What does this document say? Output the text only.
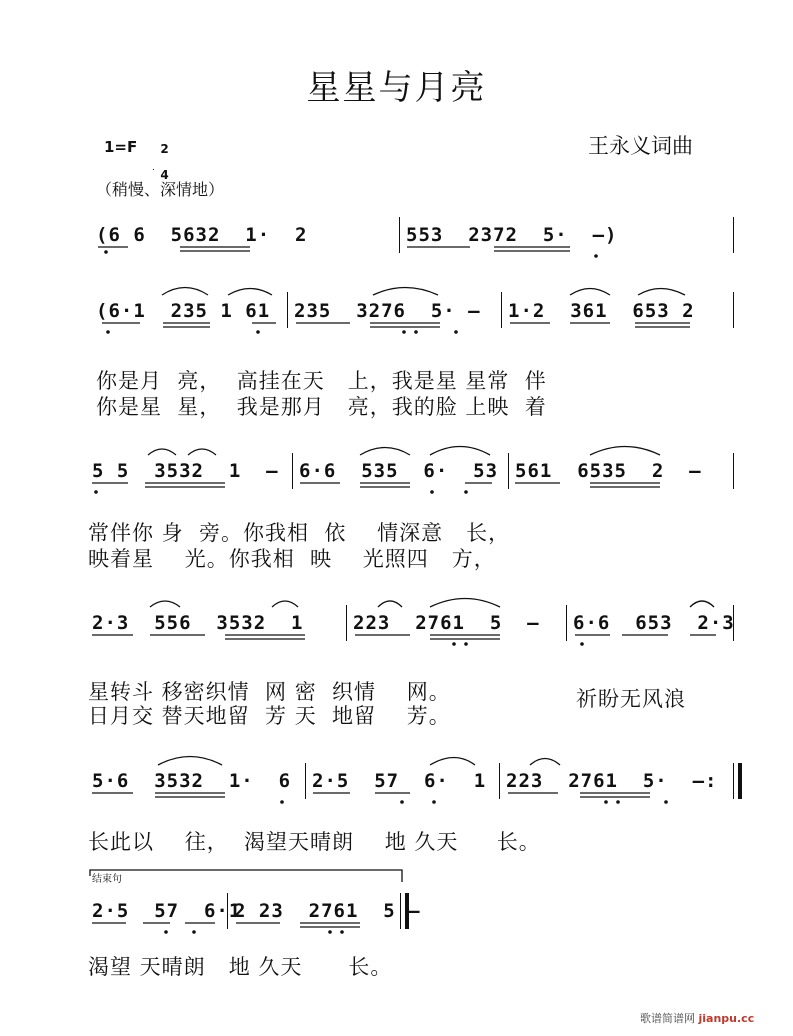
星星与月亮
1=F	2

4

王永义词曲
（稍慢、深情地）
(6 6  5632  1·  2	553  2372  5·  –)
(6·1  235 1 61 235  3276  5· – 1·2  361  653 2
你是月  亮，  高挂在天   上，我是星 星常  伴
你是星  星，  我是那月   亮，我的脸 上映  着
5 5  3532  1  – 6·6  535  6·  53 561  6535  2  –
常伴你 身  旁。你我相  依    情深意   长，
映着星    光。你我相  映    光照四   方，
2·3  556  3532  1	223  2761  5  – 6·6  653  2·3
星转斗 移密织情  网 密  织情    网。
日月交 替天地留  芳 天  地留    芳。
祈盼无风浪
5·6  3532  1·  6 2·5  57  6·  1 223  2761  5·  –:
长此以    往，  渴望天晴朗    地 久天     长。
结束句
2·5  57  6·1
2 23  2761  5 –
渴望 天晴朗   地 久天      长。
歌谱简谱网 jianpu.cc
